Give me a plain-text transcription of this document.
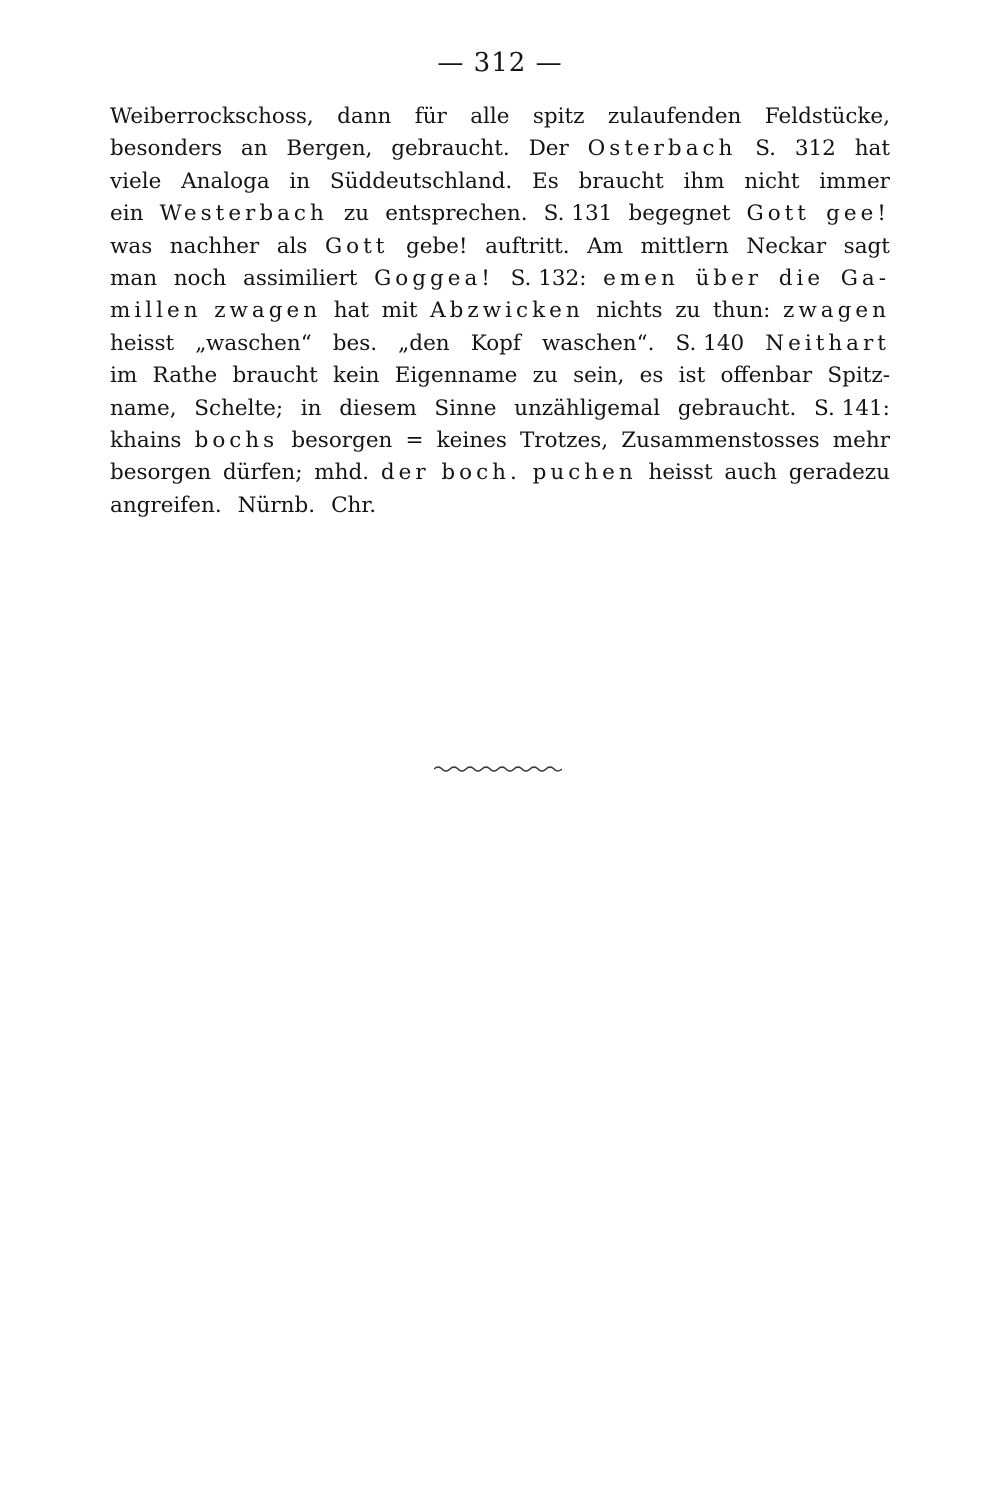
— 312 —
Weiberrockschoss, dann für alle spitz zulaufenden Feldstücke,
besonders an Bergen, gebraucht. Der Osterbach S. 312 hat
viele Analoga in Süddeutschland. Es braucht ihm nicht immer
ein Westerbach zu entsprechen. S. 131 begegnet Gott gee!
was nachher als Gott gebe! auftritt. Am mittlern Neckar sagt
man noch assimiliert Goggea! S. 132: emen über die Ga-
millen zwagen hat mit Abzwicken nichts zu thun: zwagen
heisst „waschen“ bes. „den Kopf waschen“. S. 140 Neithart
im Rathe braucht kein Eigenname zu sein, es ist offenbar Spitz-
name, Schelte; in diesem Sinne unzähligemal gebraucht. S. 141:
khains bochs besorgen = keines Trotzes, Zusammenstosses mehr
besorgen dürfen; mhd. der boch. puchen heisst auch geradezu
angreifen. Nürnb. Chr.
